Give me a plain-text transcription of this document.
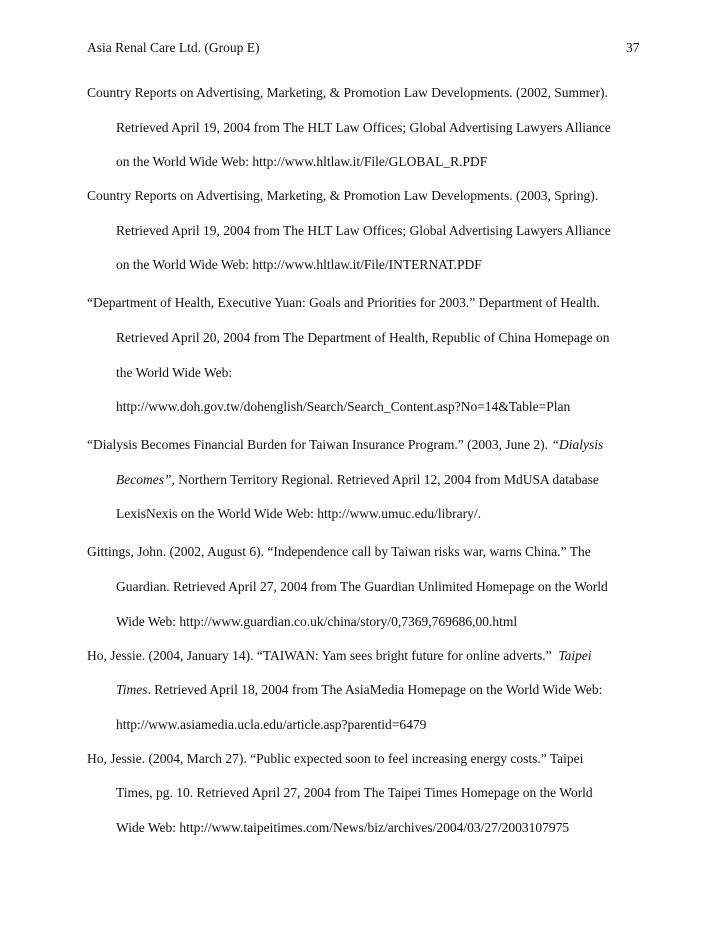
Asia Renal Care Ltd. (Group E)	37
Country Reports on Advertising, Marketing, & Promotion Law Developments. (2002, Summer).
Retrieved April 19, 2004 from The HLT Law Offices; Global Advertising Lawyers Alliance
on the World Wide Web: http://www.hltlaw.it/File/GLOBAL_R.PDF
Country Reports on Advertising, Marketing, & Promotion Law Developments. (2003, Spring).
Retrieved April 19, 2004 from The HLT Law Offices; Global Advertising Lawyers Alliance
on the World Wide Web: http://www.hltlaw.it/File/INTERNAT.PDF
“Department of Health, Executive Yuan: Goals and Priorities for 2003.” Department of Health.
Retrieved April 20, 2004 from The Department of Health, Republic of China Homepage on
the World Wide Web:
http://www.doh.gov.tw/dohenglish/Search/Search_Content.asp?No=14&Table=Plan
“Dialysis Becomes Financial Burden for Taiwan Insurance Program.” (2003, June 2). “Dialysis
Becomes”, Northern Territory Regional. Retrieved April 12, 2004 from MdUSA database
LexisNexis on the World Wide Web: http://www.umuc.edu/library/.
Gittings, John. (2002, August 6). “Independence call by Taiwan risks war, warns China.” The
Guardian. Retrieved April 27, 2004 from The Guardian Unlimited Homepage on the World
Wide Web: http://www.guardian.co.uk/china/story/0,7369,769686,00.html
Ho, Jessie. (2004, January 14). “TAIWAN: Yam sees bright future for online adverts.”  Taipei
Times. Retrieved April 18, 2004 from The AsiaMedia Homepage on the World Wide Web:
http://www.asiamedia.ucla.edu/article.asp?parentid=6479
Ho, Jessie. (2004, March 27). “Public expected soon to feel increasing energy costs.” Taipei
Times, pg. 10. Retrieved April 27, 2004 from The Taipei Times Homepage on the World
Wide Web: http://www.taipeitimes.com/News/biz/archives/2004/03/27/2003107975
